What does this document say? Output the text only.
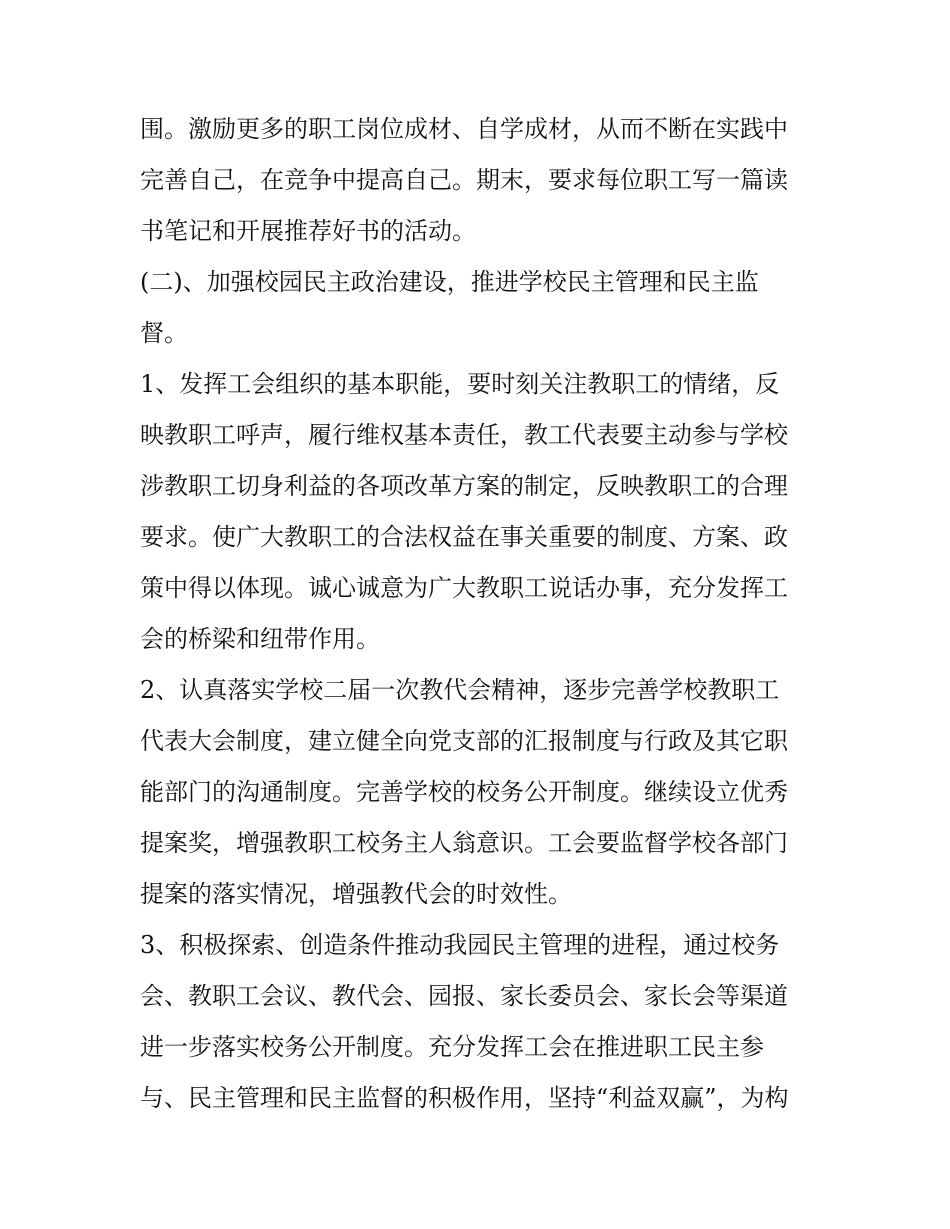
围。激励更多的职工岗位成材、自学成材，从而不断在实践中
完善自己，在竞争中提高自己。期末，要求每位职工写一篇读
书笔记和开展推荐好书的活动。

(二)、加强校园民主政治建设，推进学校民主管理和民主监
督。

1、发挥工会组织的基本职能，要时刻关注教职工的情绪，反
映教职工呼声，履行维权基本责任，教工代表要主动参与学校
涉教职工切身利益的各项改革方案的制定，反映教职工的合理
要求。使广大教职工的合法权益在事关重要的制度、方案、政
策中得以体现。诚心诚意为广大教职工说话办事，充分发挥工
会的桥梁和纽带作用。

2、认真落实学校二届一次教代会精神，逐步完善学校教职工
代表大会制度，建立健全向党支部的汇报制度与行政及其它职
能部门的沟通制度。完善学校的校务公开制度。继续设立优秀
提案奖，增强教职工校务主人翁意识。工会要监督学校各部门
提案的落实情况，增强教代会的时效性。

3、积极探索、创造条件推动我园民主管理的进程，通过校务
会、教职工会议、教代会、园报、家长委员会、家长会等渠道
进一步落实校务公开制度。充分发挥工会在推进职工民主参
与、民主管理和民主监督的积极作用，坚持“利益双赢”，为构
